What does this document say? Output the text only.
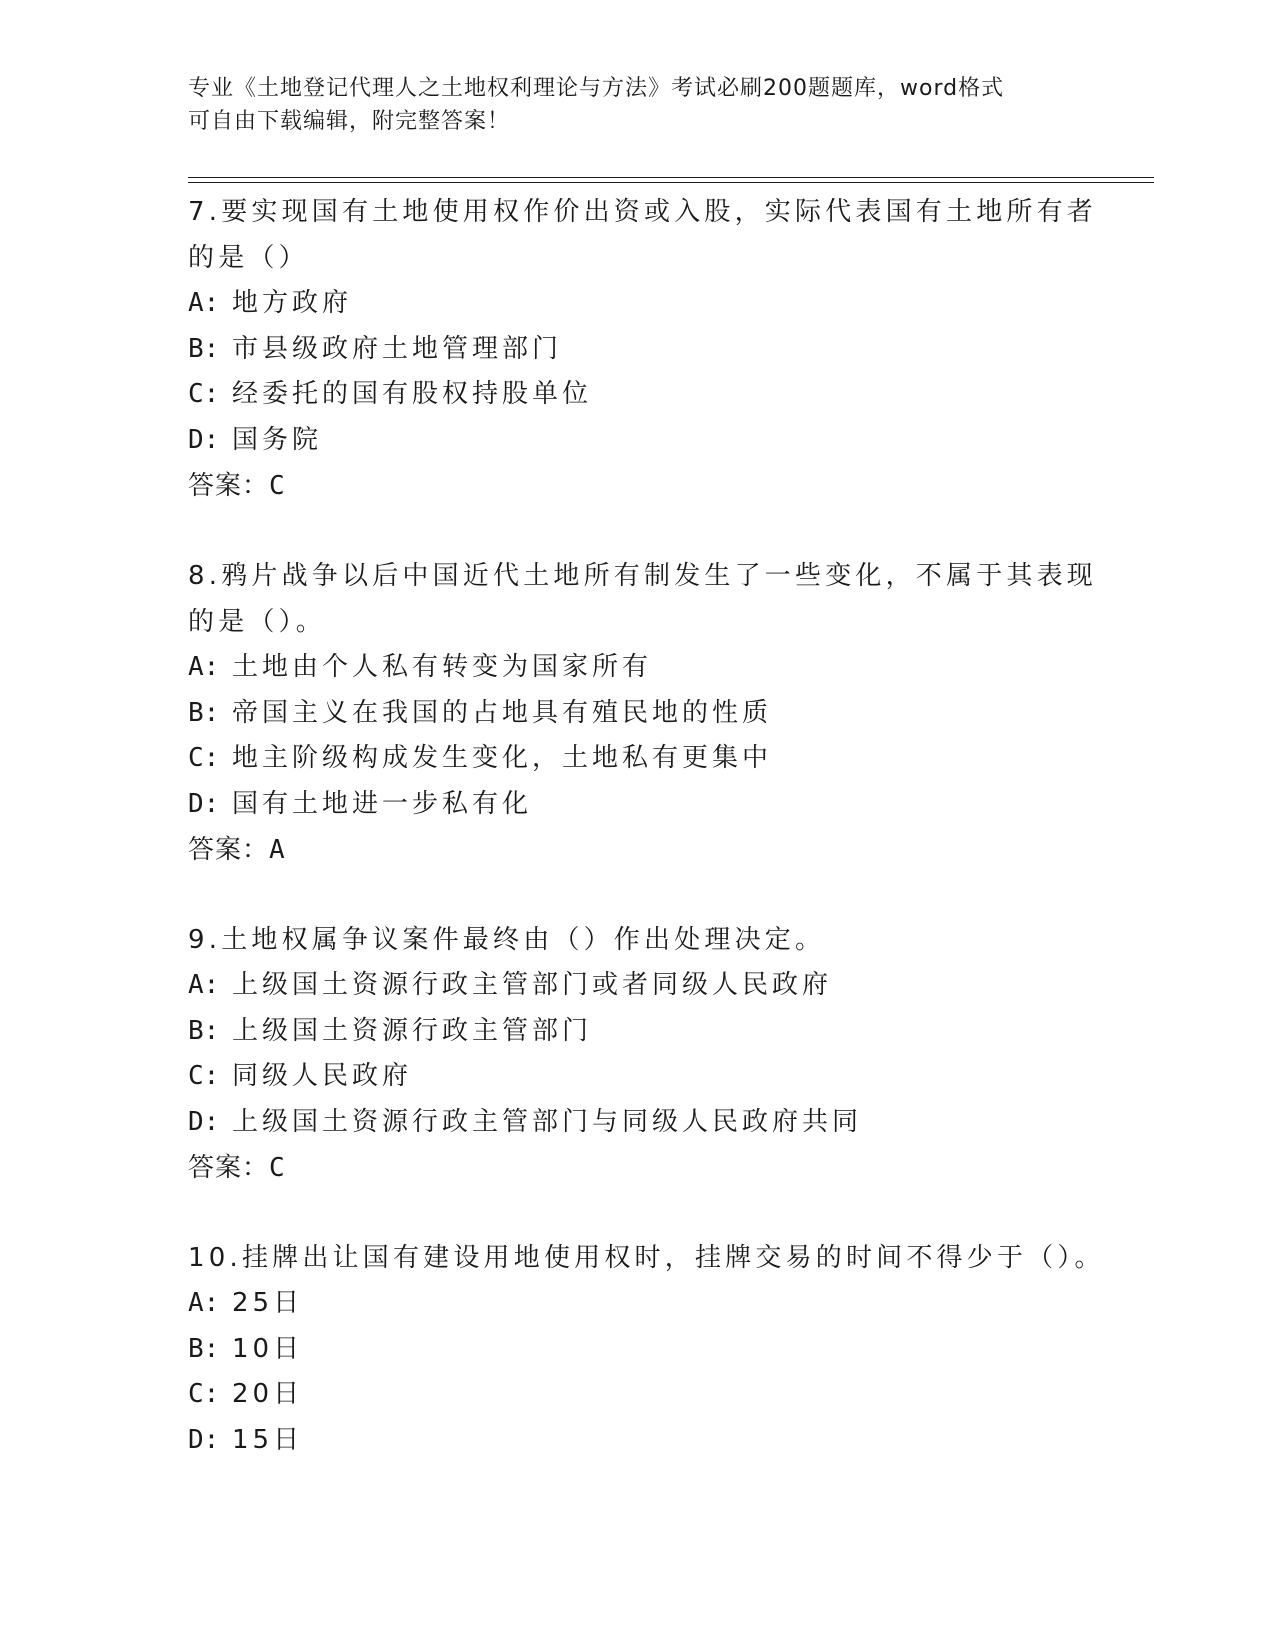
专业《土地登记代理人之土地权利理论与方法》考试必刷200题题库，word格式
可自由下载编辑，附完整答案！
7.要实现国有土地使用权作价出资或入股，实际代表国有土地所有者
的是（）
A: 地方政府
B: 市县级政府土地管理部门
C: 经委托的国有股权持股单位
D: 国务院
答案：C
8.鸦片战争以后中国近代土地所有制发生了一些变化，不属于其表现
的是（）。
A: 土地由个人私有转变为国家所有
B: 帝国主义在我国的占地具有殖民地的性质
C: 地主阶级构成发生变化，土地私有更集中
D: 国有土地进一步私有化
答案：A
9.土地权属争议案件最终由（）作出处理决定。
A: 上级国土资源行政主管部门或者同级人民政府
B: 上级国土资源行政主管部门
C: 同级人民政府
D: 上级国土资源行政主管部门与同级人民政府共同
答案：C
10.挂牌出让国有建设用地使用权时，挂牌交易的时间不得少于（）。
A: 25日
B: 10日
C: 20日
D: 15日
